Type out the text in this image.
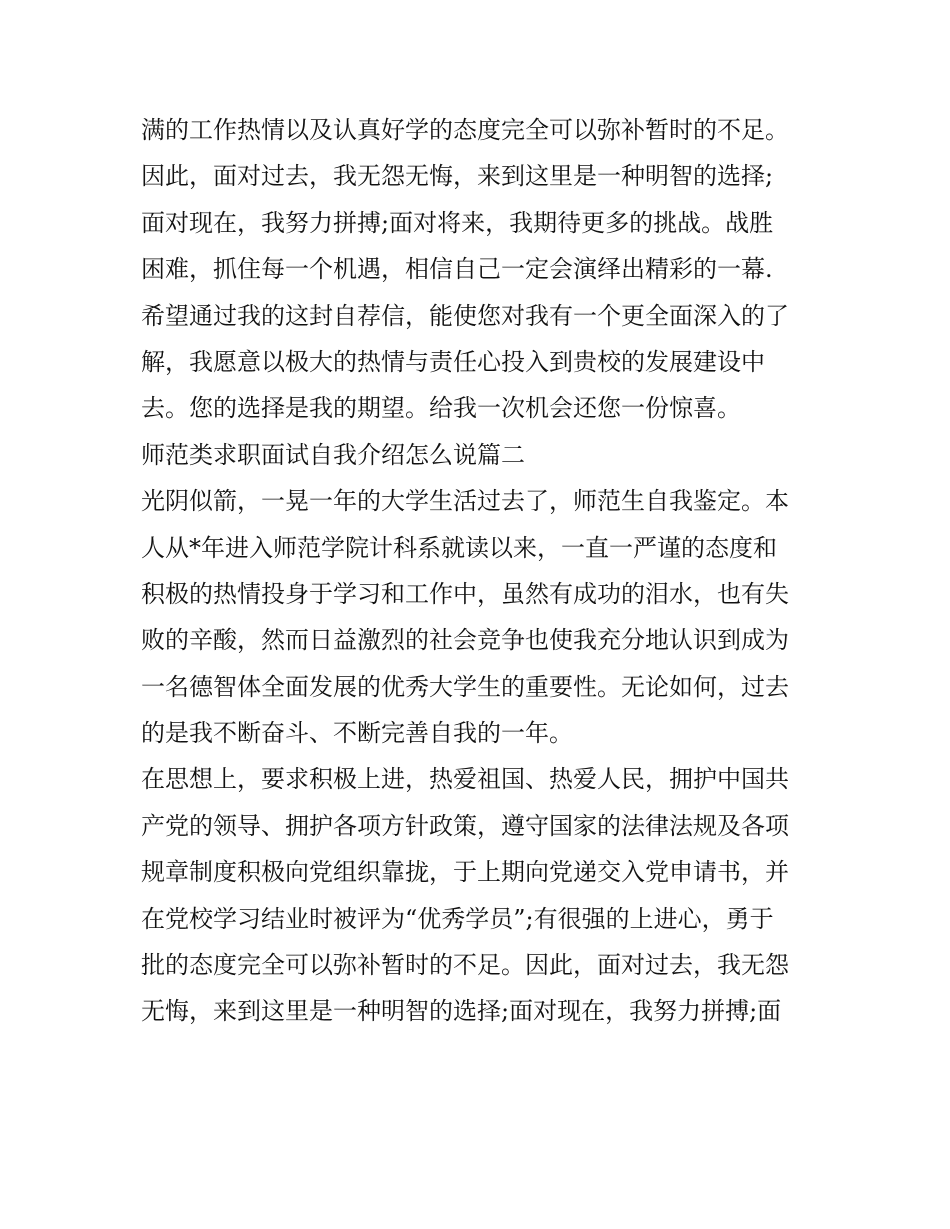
满的工作热情以及认真好学的态度完全可以弥补暂时的不足。
因此，面对过去，我无怨无悔，来到这里是一种明智的选择;
面对现在，我努力拼搏;面对将来，我期待更多的挑战。战胜
困难，抓住每一个机遇，相信自己一定会演绎出精彩的一幕.
希望通过我的这封自荐信，能使您对我有一个更全面深入的了
解，我愿意以极大的热情与责任心投入到贵校的发展建设中
去。您的选择是我的期望。给我一次机会还您一份惊喜。
师范类求职面试自我介绍怎么说篇二
光阴似箭，一晃一年的大学生活过去了，师范生自我鉴定。本
人从*年进入师范学院计科系就读以来，一直一严谨的态度和
积极的热情投身于学习和工作中，虽然有成功的泪水，也有失
败的辛酸，然而日益激烈的社会竞争也使我充分地认识到成为
一名德智体全面发展的优秀大学生的重要性。无论如何，过去
的是我不断奋斗、不断完善自我的一年。
在思想上，要求积极上进，热爱祖国、热爱人民，拥护中国共
产党的领导、拥护各项方针政策，遵守国家的法律法规及各项
规章制度积极向党组织靠拢，于上期向党递交入党申请书，并
在党校学习结业时被评为“优秀学员”;有很强的上进心，勇于
批的态度完全可以弥补暂时的不足。因此，面对过去，我无怨
无悔，来到这里是一种明智的选择;面对现在，我努力拼搏;面
